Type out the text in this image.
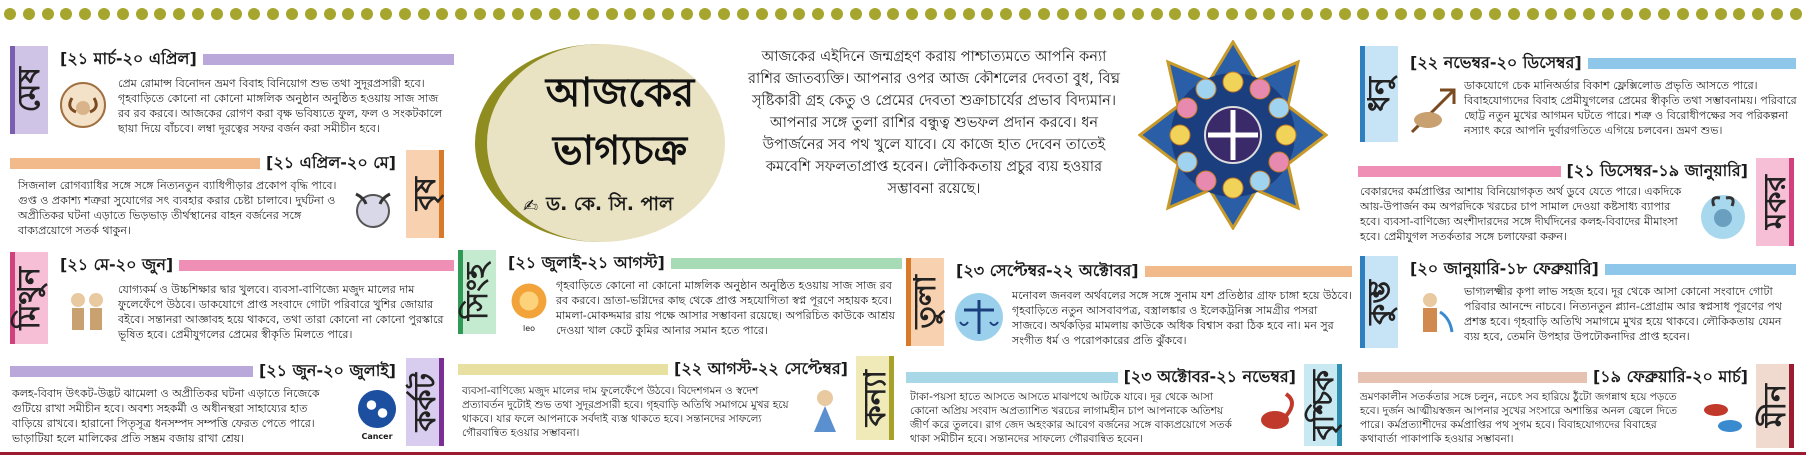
মেষ
[২১ মার্চ-২০ এপ্রিল]
প্রেম রোমান্স বিনোদন ভ্রমণ বিবাহ বিনিয়োগ শুভ তথা সুদূরপ্রসারী হবে। গৃহবাড়িতে কোনো না কোনো মাঙ্গলিক অনুষ্ঠান অনুষ্ঠিত হওয়ায় সাজ সাজ রব রব করবে। আজকের রোগণ করা বৃক্ষ ভবিষ্যতে ফুল, ফল ও সংকটকালে ছায়া দিয়ে বাঁচবে। লম্বা দূরত্বের সফর বর্জন করা সমীচীন হবে।
[২১ এপ্রিল-২০ মে]
বৃষ
সিজনাল রোগব্যাধির সঙ্গে সঙ্গে নিত্যনতুন ব্যাধিপীড়ার প্রকোপ বৃদ্ধি পাবে। গুপ্ত ও প্রকাশ্য শত্রুরা সুযোগের সৎ ব্যবহার করার চেষ্টা চালাবে। দুর্ঘটনা ও অপ্রীতিকর ঘটনা এড়াতে ভিড়ভাড় তীর্থস্থানের বাহন বর্জনের সঙ্গে বাক্যপ্রয়োগে সতর্ক থাকুন।
মিথুন
[২১ মে-২০ জুন]
যোগ্যকর্ম ও উচ্চশিক্ষার দ্বার খুলবে। ব্যবসা-বাণিজ্যে মজুদ মালের দাম ফুলেফেঁপে উঠবে। ডাকযোগে প্রাপ্ত সংবাদে গোটা পরিবারে খুশির জোয়ার বইবে। সন্তানরা আজ্ঞাবহ হয়ে থাকবে, তথা তারা কোনো না কোনো পুরস্কারে ভূষিত হবে। প্রেমীযুগলের প্রেমের স্বীকৃতি মিলতে পারে।
[২১ জুন-২০ জুলাই]
কর্কট
কলহ-বিবাদ উৎকট-উদ্ভট ঝামেলা ও অপ্রীতিকর ঘটনা এড়াতে নিজেকে গুটিয়ে রাখা সমীচীন হবে। অবশ্য সহকর্মী ও অধীনস্থরা সাহায্যের হাত বাড়িয়ে রাখবে। হারানো পিতৃসূত্র ধনসম্পদ সম্পত্তি ফেরত পেতে পারে। ভাড়াটিয়া হলে মালিকের প্রতি সম্ভ্রম বজায় রাখা শ্রেয়।	Cancer
আজকের
ভাগ্যচক্র
✍ ড. কে. সি. পাল

আজকের এইদিনে জন্মগ্রহণ করায় পাশ্চাত্যমতে আপনি কন্যা রাশির জাতব্যক্তি। আপনার ওপর আজ কৌশলের দেবতা বুধ, বিঘ্ন সৃষ্টিকারী গ্রহ কেতু ও প্রেমের দেবতা শুক্রাচার্যের প্রভাব বিদ্যমান।

আপনার সঙ্গে তুলা রাশির বন্ধুত্ব শুভফল প্রদান করবে। ধন উপার্জনের সব পথ খুলে যাবে। যে কাজে হাত দেবেন তাতেই কমবেশি সফলতাপ্রাপ্ত হবেন। লৌকিকতায় প্রচুর ব্যয় হওয়ার সম্ভাবনা রয়েছে।

সিংহ
[২১ জুলাই-২১ আগস্ট]
leo
গৃহবাড়িতে কোনো না কোনো মাঙ্গলিক অনুষ্ঠান অনুষ্ঠিত হওয়ায় সাজ সাজ রব রব করবে। ভ্রাতা-ভগ্নিদের কাছ থেকে প্রাপ্ত সহযোগিতা স্বপ্ন পূরণে সহায়ক হবে। মামলা-মোকদ্দমার রায় পক্ষে আসার সম্ভাবনা রয়েছে। অপরিচিত কাউকে আশ্রয় দেওয়া খাল কেটে কুমির আনার সমান হতে পারে।
[২২ আগস্ট-২২ সেপ্টেম্বর]
কন্যা
ব্যবসা-বাণিজ্যে মজুদ মালের দাম ফুলেফেঁপে উঠবে। বিদেশগমন ও স্বদেশ প্রত্যাবর্তন দুটোই শুভ তথা সুদূরপ্রসারী হবে। গৃহবাড়ি অতিথি সমাগমে মুখর হয়ে থাকবে। যার ফলে আপনাকে সর্বদাই ব্যস্ত থাকতে হবে। সন্তানদের সাফল্যে গৌরবান্বিত হওয়ার সম্ভাবনা।
তুলা
[২৩ সেপ্টেম্বর-২২ অক্টোবর]
মনোবল জনবল অর্থবলের সঙ্গে সঙ্গে সুনাম যশ প্রতিষ্ঠার গ্রাফ চাঙ্গা হয়ে উঠবে। গৃহবাড়িতে নতুন আসবাবপত্র, বস্ত্রালঙ্কার ও ইলেকট্রনিক্স সামগ্রীর পসরা সাজবে। অর্থকড়ির মামলায় কাউকে অধিক বিশ্বাস করা ঠিক হবে না। মন সুর সংগীত ধর্ম ও পরোপকারের প্রতি ঝুঁকবে।
[২৩ অক্টোবর-২১ নভেম্বর] বৃশ্চিক
টাকা-পয়সা হাতে আসতে আসতে মাঝপথে আটকে যাবে। দূর থেকে আসা কোনো অপ্রিয় সংবাদ অপ্রত্যাশিত খরচের লাগামহীন চাপ আপনাকে অতিশয় জীর্ণ করে তুলবে। রাগ জেদ অহংকার আবেগ বর্জনের সঙ্গে বাক্যপ্রয়োগে সতর্ক থাকা সমীচীন হবে। সন্তানদের সাফল্যে গৌরবান্বিত হবেন।
ধনু
[২২ নভেম্বর-২০ ডিসেম্বর]
ডাকযোগে চেক মানিঅর্ডার বিকাশ ফ্লেক্সিলোড প্রভৃতি আসতে পারে। বিবাহযোগ্যদের বিবাহ প্রেমীযুগলের প্রেমের স্বীকৃতি তথা সম্ভাবনাময়। পরিবারে ছোট্ট নতুন মুখের আগমন ঘটতে পারে। শত্রু ও বিরোধীপক্ষের সব পরিকল্পনা নস্যাৎ করে আপনি দুর্বারগতিতে এগিয়ে চলবেন। ভ্রমণ শুভ।
[২১ ডিসেম্বর-১৯ জানুয়ারি]
মকর
বেকারদের কর্মপ্রাপ্তির আশায় বিনিয়োগকৃত অর্থ ডুবে যেতে পারে। একদিকে আয়-উপার্জন কম অপরদিকে খরচের চাপ সামাল দেওয়া কষ্টসাধ্য ব্যাপার হবে। ব্যবসা-বাণিজ্যে অংশীদারদের সঙ্গে দীর্ঘদিনের কলহ-বিবাদের মীমাংসা হবে। প্রেমীযুগল সতর্কতার সঙ্গে চলাফেরা করুন।
কুম্ভ
[২০ জানুয়ারি-১৮ ফেব্রুয়ারি]
ভাগ্যলক্ষ্মীর কৃপা লাভ সহজ হবে। দূর থেকে আসা কোনো সংবাদে গোটা পরিবার আনন্দে নাচবে। নিত্যনতুন প্ল্যান-প্রোগ্রাম আর স্বপ্নসাধ পূরণের পথ প্রশস্ত হবে। গৃহবাড়ি অতিথি সমাগমে মুখর হয়ে থাকবে। লৌকিকতায় যেমন ব্যয় হবে, তেমনি উপহার উপঢৌকনাদির প্রাপ্ত হবেন।
[১৯ ফেব্রুয়ারি-২০ মার্চ]
মীন
ভ্রমণকালীন সতর্কতার সঙ্গে চলুন, নচেৎ সব হারিয়ে ঠুঁটো জগন্নাথ হয়ে পড়তে হবে। দুর্জন আত্মীয়স্বজন আপনার সুখের সংসারে অশান্তির অনল জ্বেলে দিতে পারে। কর্মপ্রত্যাশীদের কর্মপ্রাপ্তির পথ সুগম হবে। বিবাহযোগ্যদের বিবাহের কথাবার্তা পাকাপাকি হওয়ার সম্ভাবনা।
